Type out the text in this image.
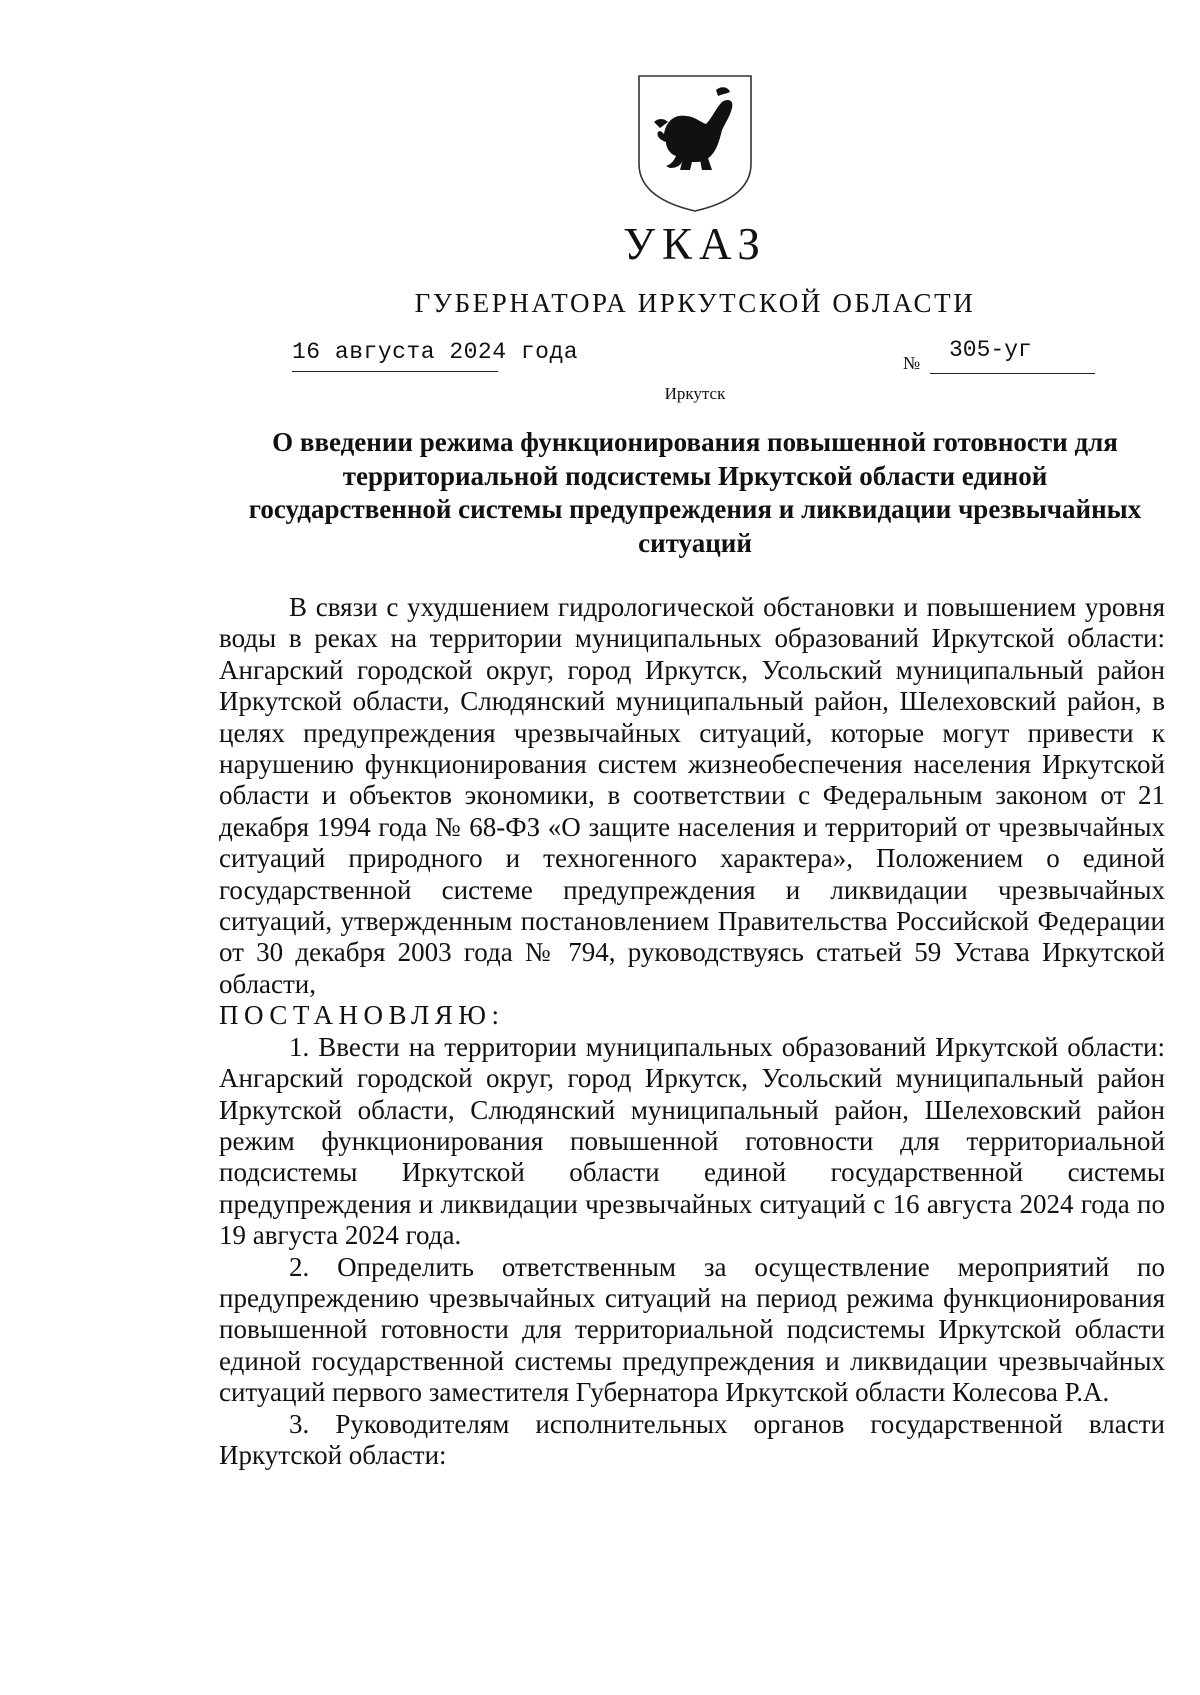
УКАЗ
ГУБЕРНАТОРА ИРКУТСКОЙ ОБЛАСТИ
16 августа 2024 года	№ 305-уг
Иркутск
О введении режима функционирования повышенной готовности для территориальной подсистемы Иркутской области единой государственной системы предупреждения и ликвидации чрезвычайных ситуаций

В связи с ухудшением гидрологической обстановки и повышением уровня воды в реках на территории муниципальных образований Иркутской области: Ангарский городской округ, город Иркутск, Усольский муниципальный район Иркутской области, Слюдянский муниципальный район, Шелеховский район, в целях предупреждения чрезвычайных ситуаций, которые могут привести к нарушению функционирования систем жизнеобеспечения населения Иркутской области и объектов экономики, в соответствии с Федеральным законом от 21 декабря 1994 года № 68-ФЗ «О защите населения и территорий от чрезвычайных ситуаций природного и техногенного характера», Положением о единой государственной системе предупреждения и ликвидации чрезвычайных ситуаций, утвержденным постановлением Правительства Российской Федерации от 30 декабря 2003 года № 794, руководствуясь статьей 59 Устава Иркутской области,

ПОСТАНОВЛЯЮ:

1. Ввести на территории муниципальных образований Иркутской области: Ангарский городской округ, город Иркутск, Усольский муниципальный район Иркутской области, Слюдянский муниципальный район, Шелеховский район режим функционирования повышенной готовности для территориальной подсистемы Иркутской области единой государственной системы предупреждения и ликвидации чрезвычайных ситуаций с 16 августа 2024 года по 19 августа 2024 года.

2. Определить ответственным за осуществление мероприятий по предупреждению чрезвычайных ситуаций на период режима функционирования повышенной готовности для территориальной подсистемы Иркутской области единой государственной системы предупреждения и ликвидации чрезвычайных ситуаций первого заместителя Губернатора Иркутской области Колесова Р.А.

3. Руководителям исполнительных органов государственной власти Иркутской области:
